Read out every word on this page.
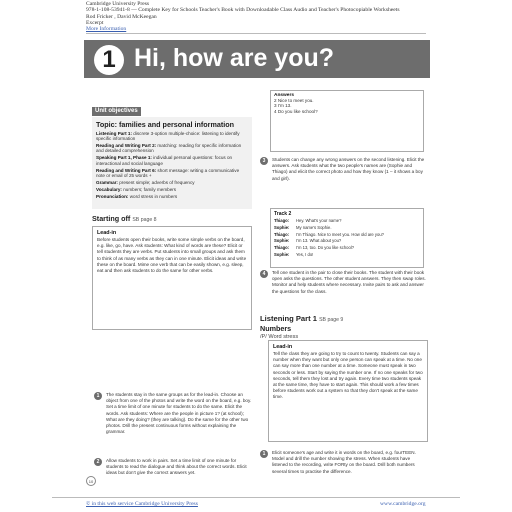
Cambridge University Press
978-1-108-53941-8 — Complete Key for Schools Teacher's Book with Downloadable Class Audio and Teacher's Photocopiable Worksheets
Rod Fricker , David McKeegan
Excerpt
More Information
1 Hi, how are you?
Unit objectives
Topic: families and personal information
Listening Part 1: discrete 3-option multiple-choice: listening to identify specific information
Reading and Writing Part 2: matching: reading for specific information and detailed comprehension
Speaking Part 1, Phase 1: individual personal questions: focus on interactional and social language
Reading and Writing Part 6: short message: writing a communicative note or email of 25 words +
Grammar: present simple; adverbs of frequency
Vocabulary: numbers; family members
Pronunciation: word stress in numbers
Starting off SB page 8
Lead-in
Before students open their books, write some simple verbs on the board, e.g. like, go, have. Ask students: What kind of words are these? Elicit or tell students they are verbs. Put students into small groups and ask them to think of as many verbs as they can in one minute. Elicit ideas and write these on the board. Mime one verb that can be easily shown, e.g. sleep, eat and then ask students to do the same for other verbs.
1	The students stay in the same groups as for the lead-in. Choose an object from one of the photos and write the word on the board, e.g. boy. Set a time limit of one minute for students to do the same. Elicit the words. Ask students: Where are the people in picture 1? (at school); What are they doing? (they are talking). Do the same for the other two photos. Drill the present continuous forms without explaining the grammar.
2	Allow students to work in pairs. Set a time limit of one minute for students to read the dialogue and think about the correct words. Elicit ideas but don't give the correct answers yet.
Answers
2 Nice to meet you.
3 I'm 13.
4 Do you like school?
3	Students can change any wrong answers on the second listening. Elicit the answers. Ask students what the two people's names are (Sophie and Thiago) and elicit the correct photo and how they know (1 – it shows a boy and girl).
Track 2
Thiago:	Hey. What's your name?
Sophie:	My name's Sophie.
Thiago:	I'm Thiago. Nice to meet you. How old are you?
Sophie:	I'm 13. What about you?
Thiago:	I'm 13, too. Do you like school?
Sophie:	Yes, I do!
4	Tell one student in the pair to close their books. The student with their book open asks the questions. The other student answers. They then swap roles. Monitor and help students where necessary. Invite pairs to ask and answer the questions for the class.
Listening Part 1 SB page 9
Numbers
/P/ Word stress
Lead-in
Tell the class they are going to try to count to twenty. Students can say a number when they want but only one person can speak at a time. No one can say more than one number at a time. Someone must speak in two seconds or less. Start by saying the number one. If no one speaks for two seconds, tell them they lost and try again. Every time two students speak at the same time, they have to start again. This should work a few times before students work out a system so that they don't speak at the same time.
1	Elicit someone's age and write it in words on the board, e.g. fourTEEN. Model and drill the number showing the stress. When students have listened to the recording, write FORty on the board. Drill both numbers several times to practise the difference.
10
© in this web service Cambridge University Press	www.cambridge.org
